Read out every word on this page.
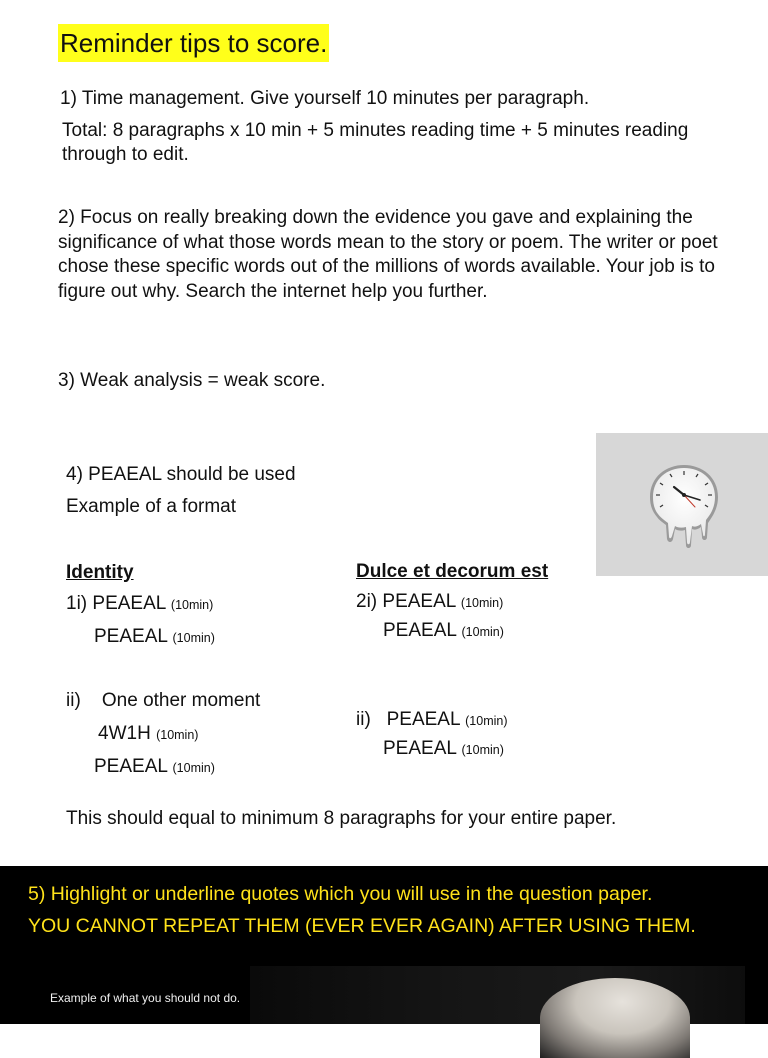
Reminder tips to score.
1) Time management. Give yourself 10 minutes per paragraph.
Total: 8 paragraphs x 10 min + 5 minutes reading time + 5 minutes reading through to edit.
2) Focus on really breaking down the evidence you gave and explaining the significance of what those words mean to the story or poem. The writer or poet chose these specific words out of the millions of words available. Your job is to figure out why. Search the internet help you further.
3) Weak analysis = weak score.
4) PEAEAL should be used
Example of a format
Identity
1i) PEAEAL (10min)
PEAEAL (10min)
ii)    One other moment
4W1H (10min)
PEAEAL (10min)
Dulce et decorum est
2i) PEAEAL (10min)
PEAEAL (10min)
ii)   PEAEAL (10min)
PEAEAL (10min)
This should equal to minimum 8 paragraphs for your entire paper.
5) Highlight or underline quotes which you will use in the question paper.
YOU CANNOT REPEAT THEM (EVER EVER AGAIN) AFTER USING THEM.
Example of what you should not do.
